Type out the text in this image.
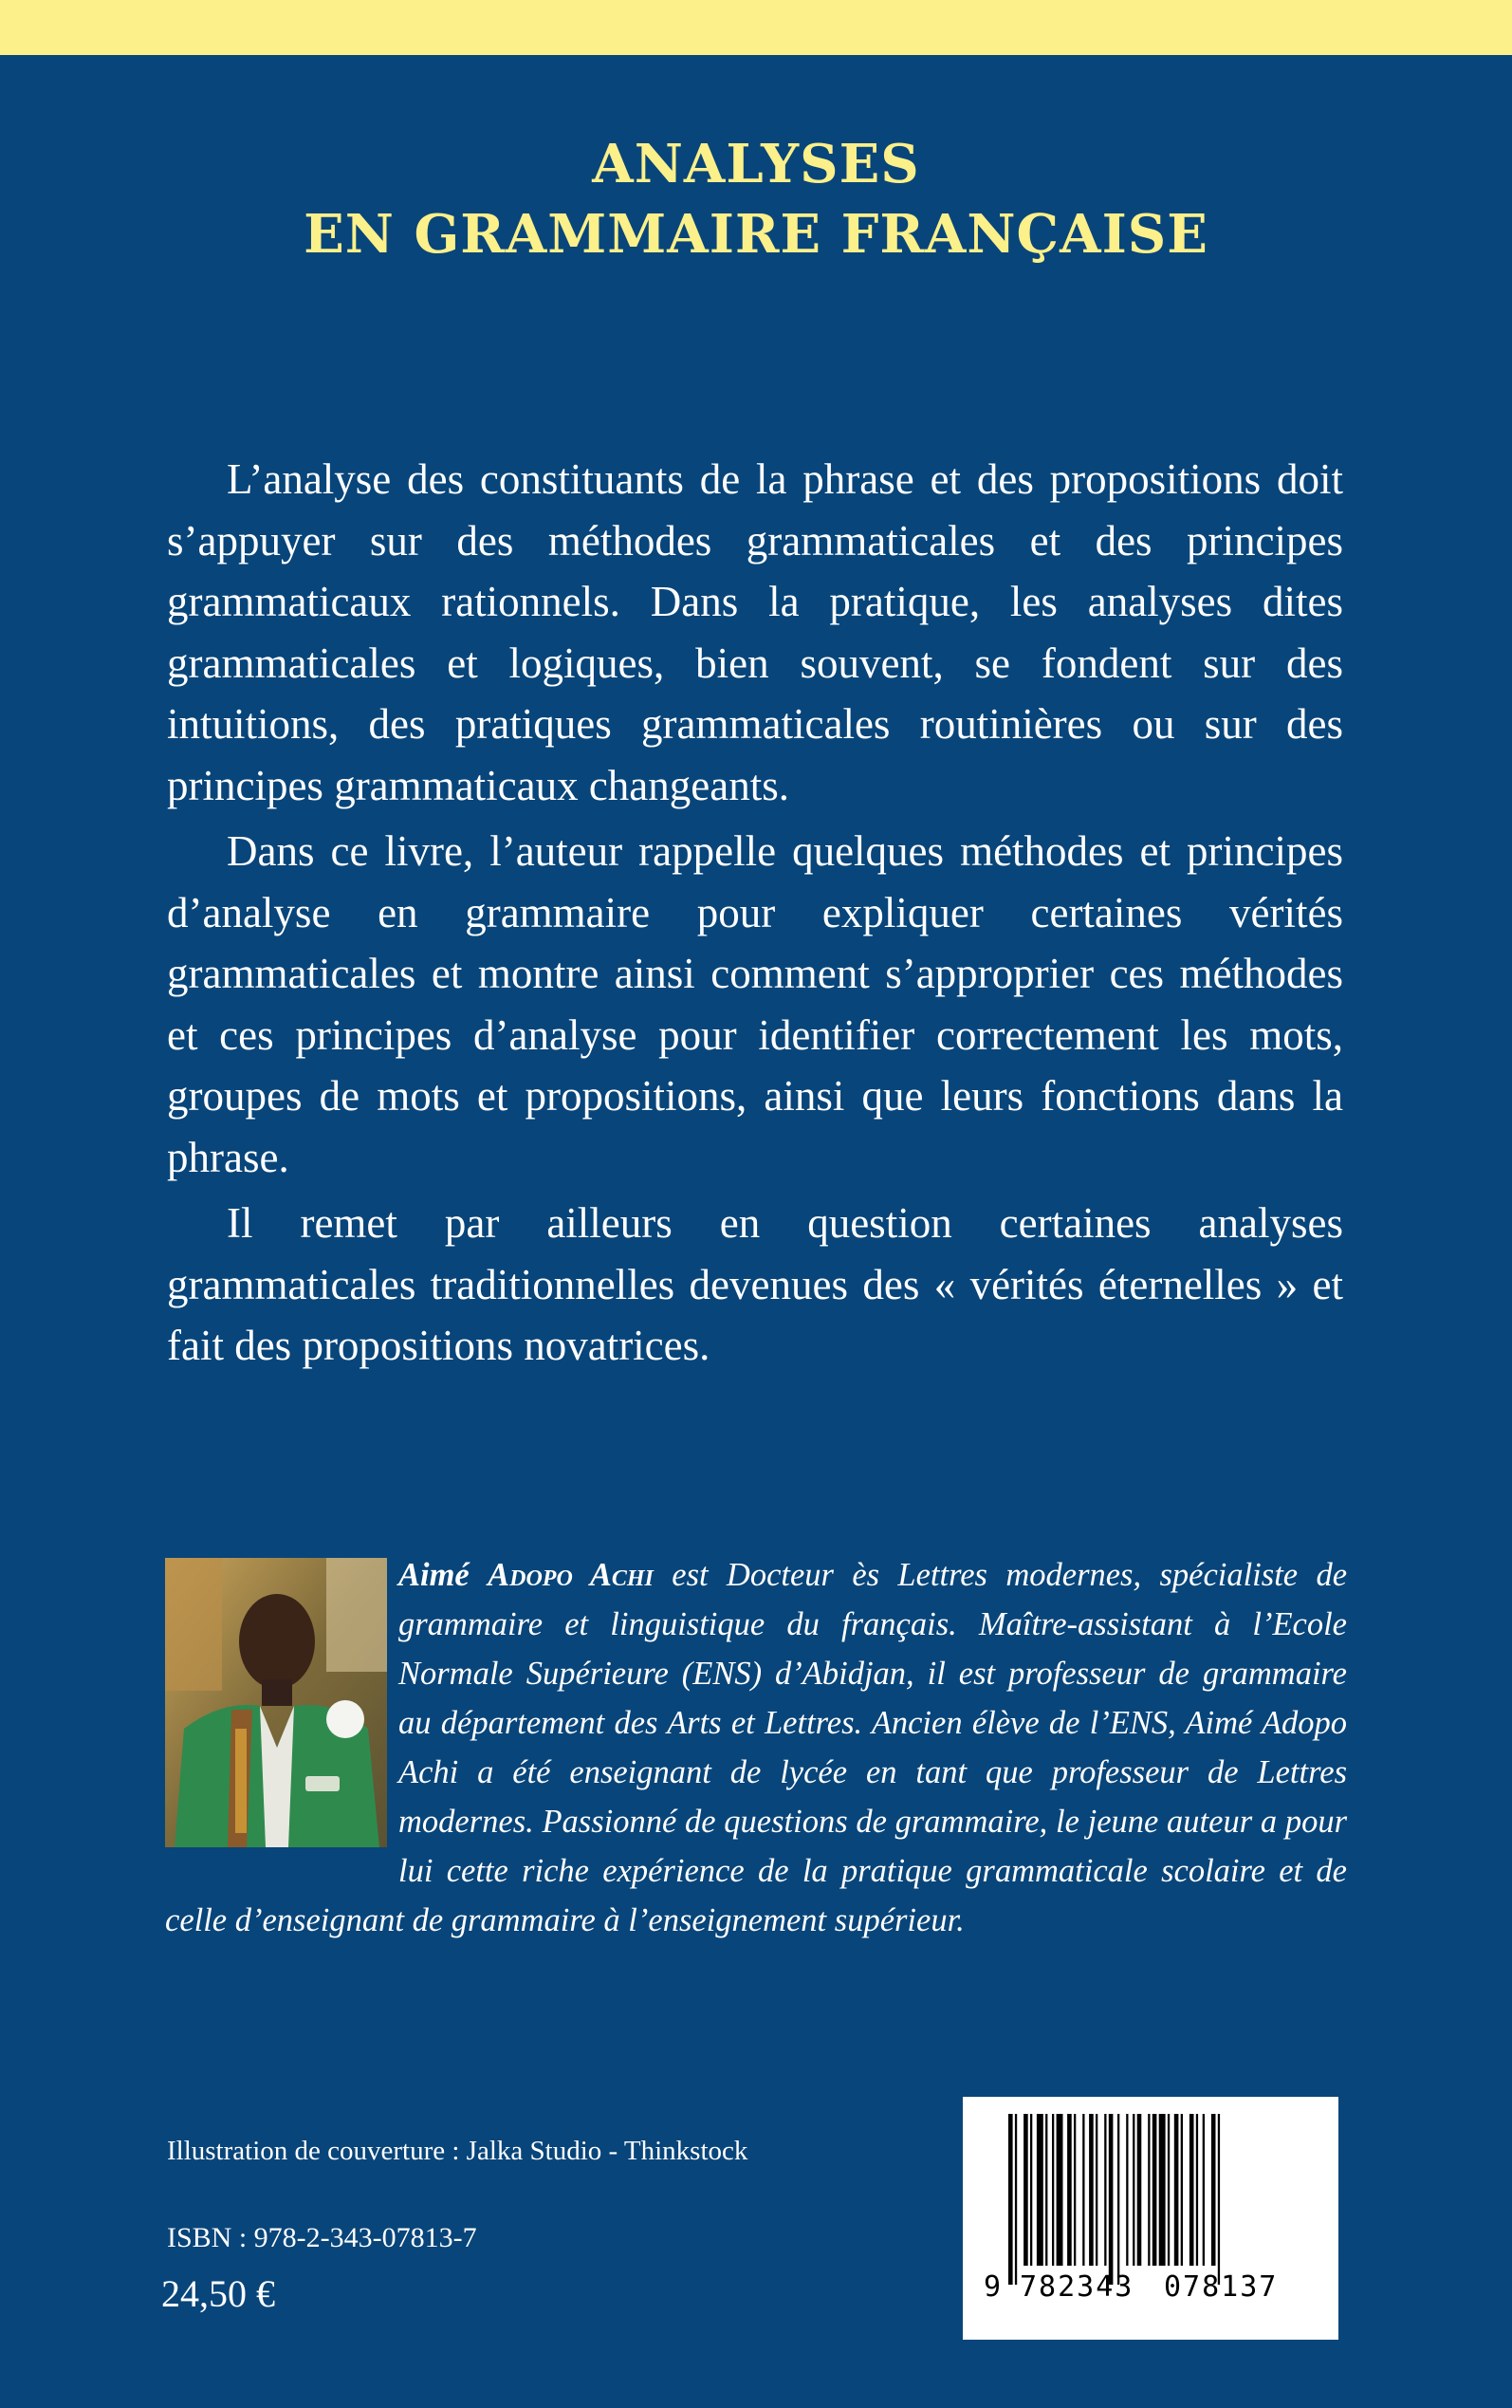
ANALYSES
EN GRAMMAIRE FRANÇAISE

L’analyse des constituants de la phrase et des propositions doit s’appuyer sur des méthodes grammaticales et des principes grammaticaux rationnels. Dans la pratique, les analyses dites grammaticales et logiques, bien souvent, se fondent sur des intuitions, des pratiques grammaticales routinières ou sur des principes grammaticaux changeants.

Dans ce livre, l’auteur rappelle quelques méthodes et principes d’analyse en grammaire pour expliquer certaines vérités grammaticales et montre ainsi comment s’approprier ces méthodes et ces principes d’analyse pour identifier correctement les mots, groupes de mots et propositions, ainsi que leurs fonctions dans la phrase.

Il remet par ailleurs en question certaines analyses grammaticales traditionnelles devenues des « vérités éternelles » et fait des propositions novatrices.

Aimé Adopo Achi est Docteur ès Lettres modernes, spécialiste de grammaire et linguistique du français. Maître-assistant à l’Ecole Normale Supérieure (ENS) d’Abidjan, il est professeur de grammaire au département des Arts et Lettres. Ancien élève de l’ENS, Aimé Adopo Achi a été enseignant de lycée en tant que professeur de Lettres modernes. Passionné de questions de grammaire, le jeune auteur a pour lui cette riche expérience de la pratique grammaticale scolaire et de celle d’enseignant de grammaire à l’enseignement supérieur.
Illustration de couverture : Jalka Studio - Thinkstock
ISBN : 978-2-343-07813-7
24,50 €	9 782343 078137
